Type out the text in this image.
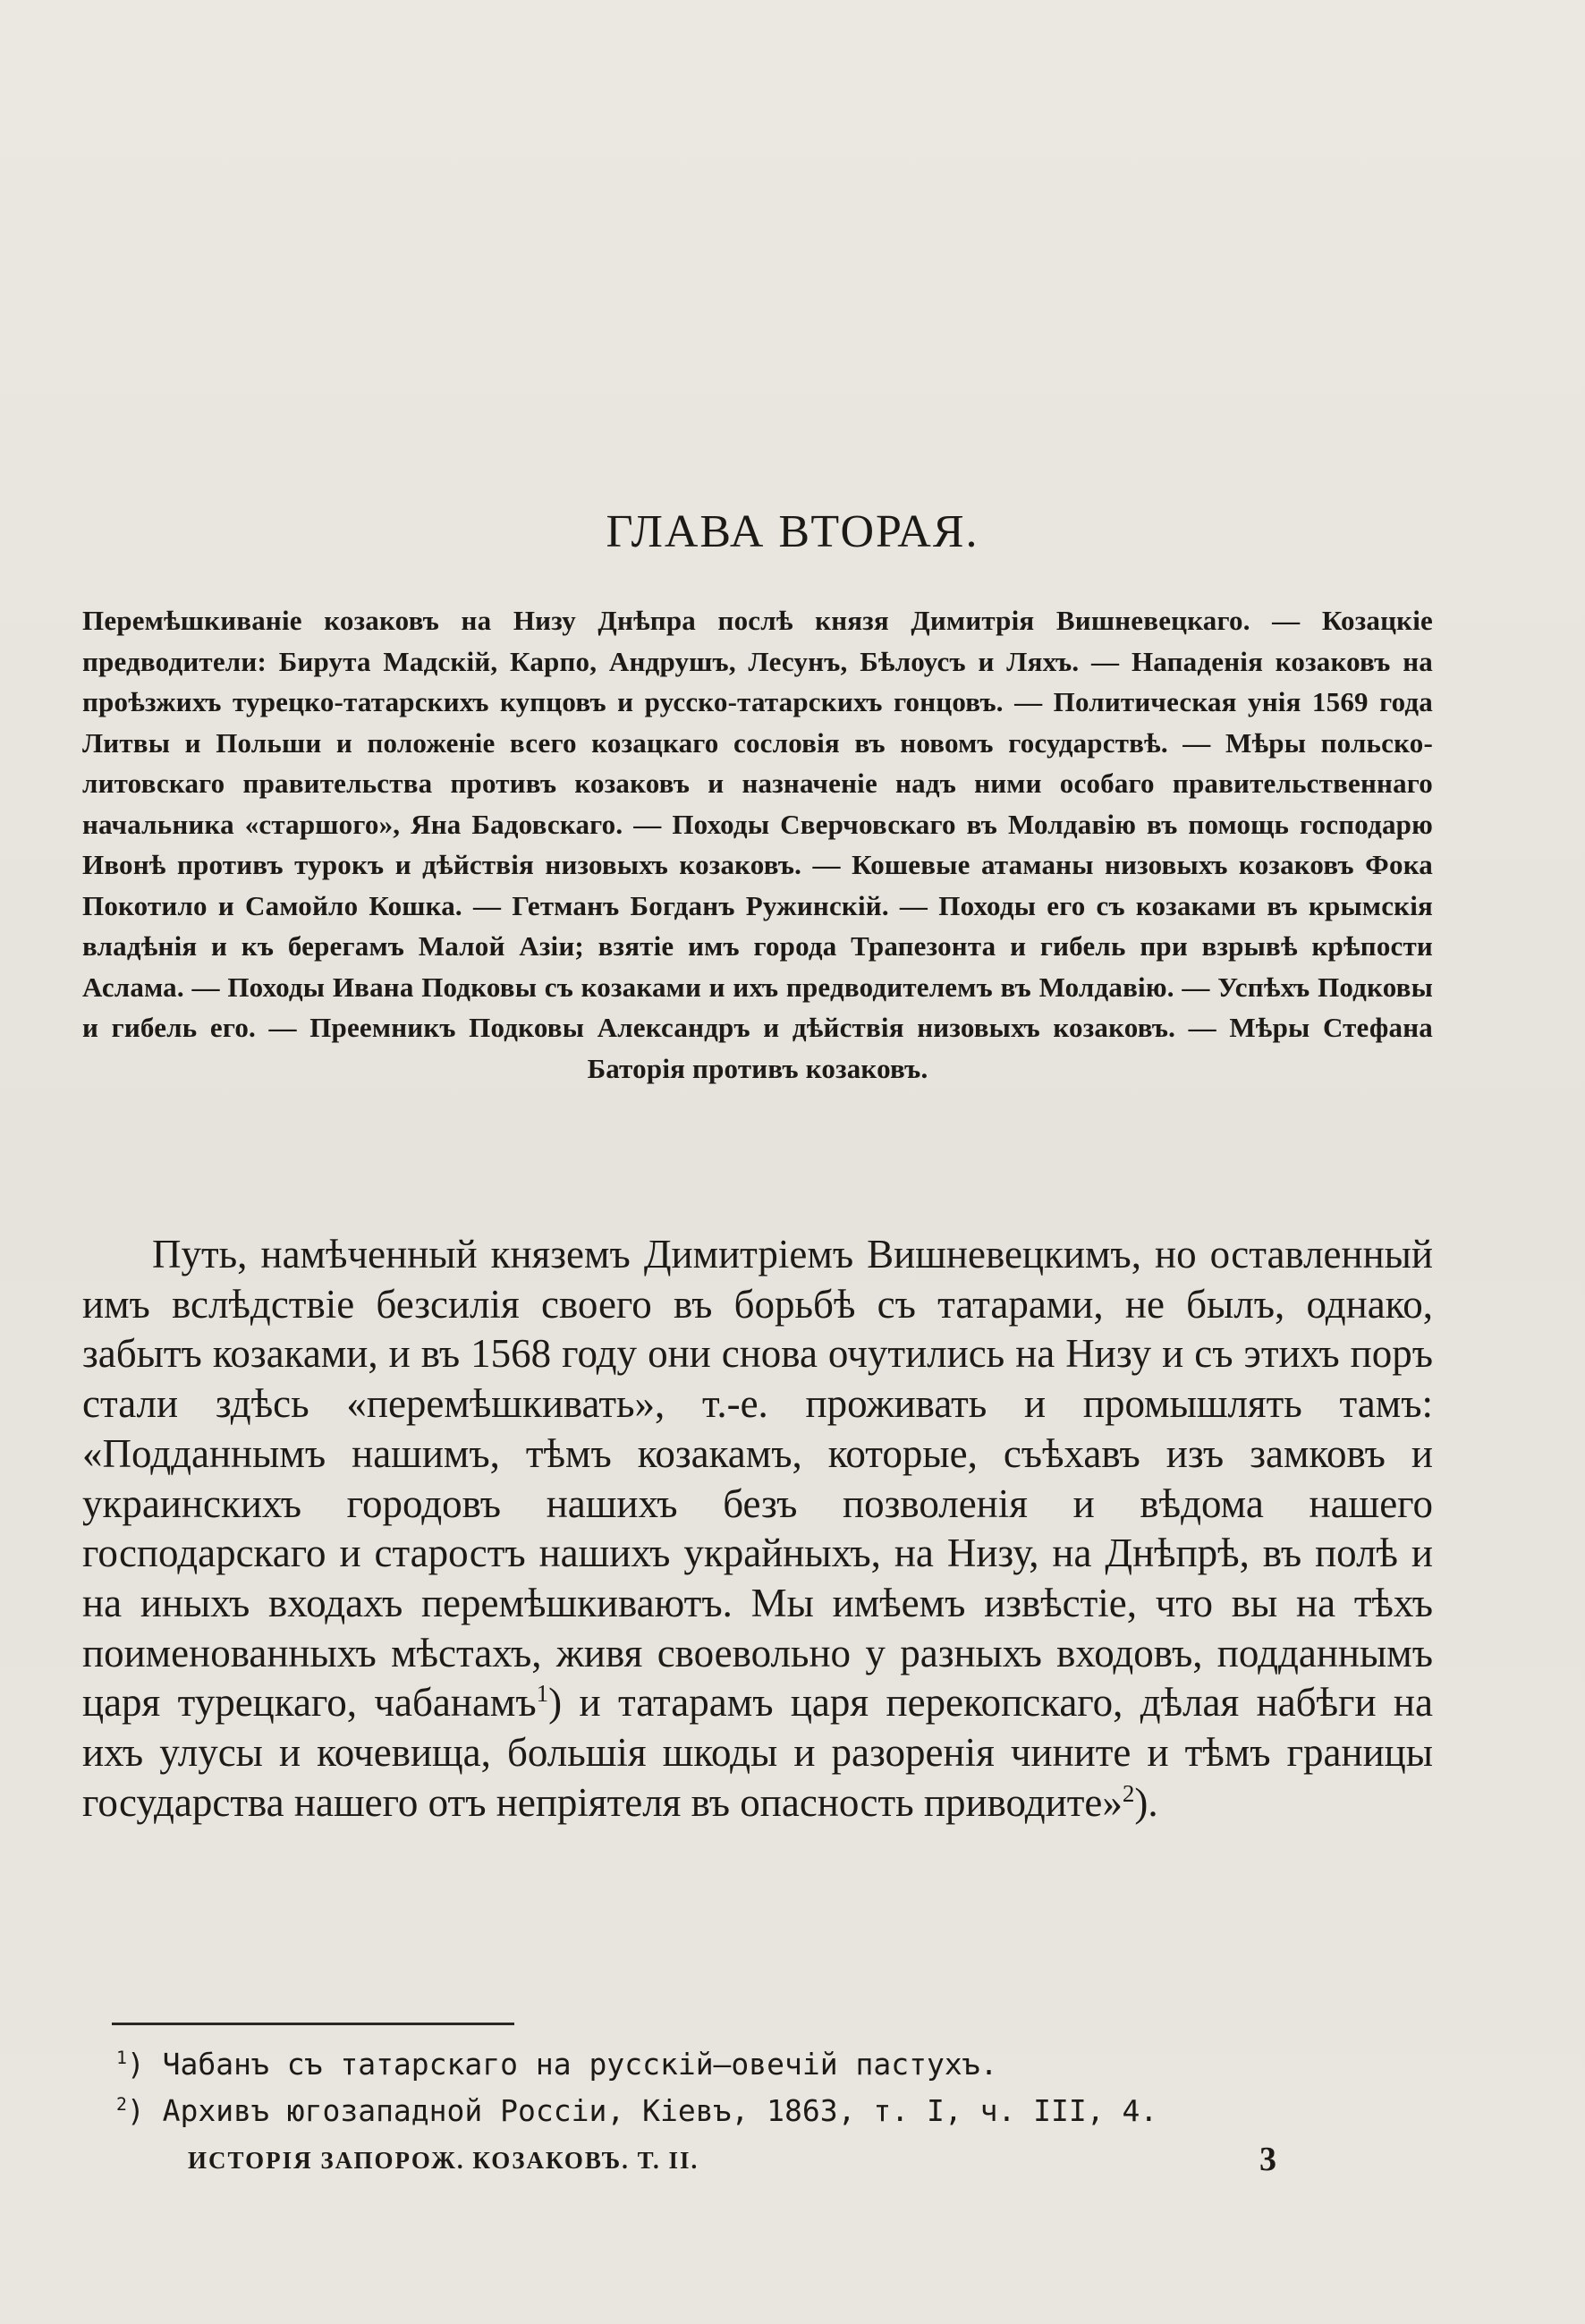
ГЛАВА ВТОРАЯ.

Перемѣшкиваніе козаковъ на Низу Днѣпра послѣ князя Димитрія Вишневецкаго. — Козацкіе предводители: Бирута Мадскій, Карпо, Андрушъ, Лесунъ, Бѣлоусъ и Ляхъ. — Нападенія козаковъ на проѣзжихъ турецко-татарскихъ купцовъ и русско-татарскихъ гонцовъ. — Политическая унія 1569 года Литвы и Польши и положеніе всего козацкаго сословія въ новомъ государствѣ. — Мѣры польско-литовскаго правительства противъ козаковъ и назначеніе надъ ними особаго правительственнаго начальника «старшого», Яна Бадовскаго. — Походы Сверчовскаго въ Молдавію въ помощь господарю Ивонѣ противъ турокъ и дѣйствія низовыхъ козаковъ. — Кошевые атаманы низовыхъ козаковъ Фока Покотило и Самойло Кошка. — Гетманъ Богданъ Ружинскій. — Походы его съ козаками въ крымскія владѣнія и къ берегамъ Малой Азіи; взятіе имъ города Трапезонта и гибель при взрывѣ крѣпости Аслама. — Походы Ивана Подковы съ козаками и ихъ предводителемъ въ Молдавію. — Успѣхъ Подковы и гибель его. — Преемникъ Подковы Александръ и дѣйствія низовыхъ козаковъ. — Мѣры Стефана Баторія противъ козаковъ.

Путь, намѣченный княземъ Димитріемъ Вишневецкимъ, но оставленный имъ вслѣдствіе безсилія своего въ борьбѣ съ татарами, не былъ, однако, забытъ козаками, и въ 1568 году они снова очутились на Низу и съ этихъ поръ стали здѣсь «перемѣшкивать», т.-е. проживать и промышлять тамъ: «Подданнымъ нашимъ, тѣмъ козакамъ, которые, съѣхавъ изъ замковъ и украинскихъ городовъ нашихъ безъ позволенія и вѣдома нашего господарскаго и старостъ нашихъ украйныхъ, на Низу, на Днѣпрѣ, въ полѣ и на иныхъ входахъ перемѣшкиваютъ. Мы имѣемъ извѣстіе, что вы на тѣхъ поименованныхъ мѣстахъ, живя своевольно у разныхъ входовъ, подданнымъ царя турецкаго, чабанамъ$^1$) и татарамъ царя перекопскаго, дѣлая набѣги на ихъ улусы и кочевища, большія шкоды и разоренія чините и тѣмъ границы государства нашего отъ непріятеля въ опасность приводите»$^2$).

$^1$) Чабанъ съ татарскаго на русскій—овечій пастухъ.
$^2$) Архивъ югозападной Россіи, Кіевъ, 1863, т. I, ч. III, 4.
ИСТОРІЯ ЗАПОРОЖ. КОЗАКОВЪ. Т. II.	3
